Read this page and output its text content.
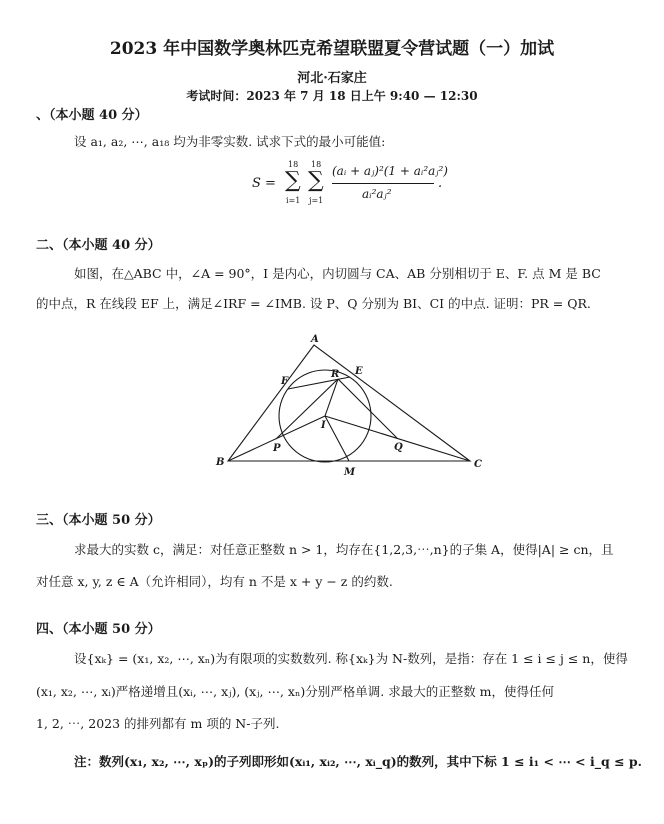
2023 年中国数学奥林匹克希望联盟夏令营试题（一）加试
河北·石家庄
考试时间：2023 年 7 月 18 日上午 9:40 — 12:30
、（本小题 40 分）
设 a₁, a₂, ⋯, a₁₈ 均为非零实数. 试求下式的最小可能值:
S =
18
∑
i=1
18
∑
j=1
(aᵢ + aⱼ)²(1 + aᵢ²aⱼ²)
aᵢ²aⱼ²
.
二、（本小题 40 分）
如图，在△ABC 中，∠A = 90°，I 是内心，内切圆与 CA、AB 分别相切于 E、F. 点 M 是 BC
的中点，R 在线段 EF 上，满足∠IRF = ∠IMB. 设 P、Q 分别为 BI、CI 的中点. 证明：PR = QR.
A
B	C
E
F
R
I
P	Q
M
三、（本小题 50 分）
求最大的实数 c，满足：对任意正整数 n > 1，均存在{1,2,3,⋯,n}的子集 A，使得|A| ≥ cn，且
对任意 x, y, z ∈ A（允许相同），均有 n 不是 x + y − z 的约数.
四、（本小题 50 分）
设{xₖ} = (x₁, x₂, ⋯, xₙ)为有限项的实数数列. 称{xₖ}为 N-数列，是指：存在 1 ≤ i ≤ j ≤ n，使得
(x₁, x₂, ⋯, xᵢ)严格递增且(xᵢ, ⋯, xⱼ), (xⱼ, ⋯, xₙ)分别严格单调. 求最大的正整数 m，使得任何
1, 2, ⋯, 2023 的排列都有 m 项的 N-子列.
注：数列(x₁, x₂, ⋯, xₚ)的子列即形如(xᵢ₁, xᵢ₂, ⋯, xᵢ_q)的数列，其中下标 1 ≤ i₁ < ⋯ < i_q ≤ p.
